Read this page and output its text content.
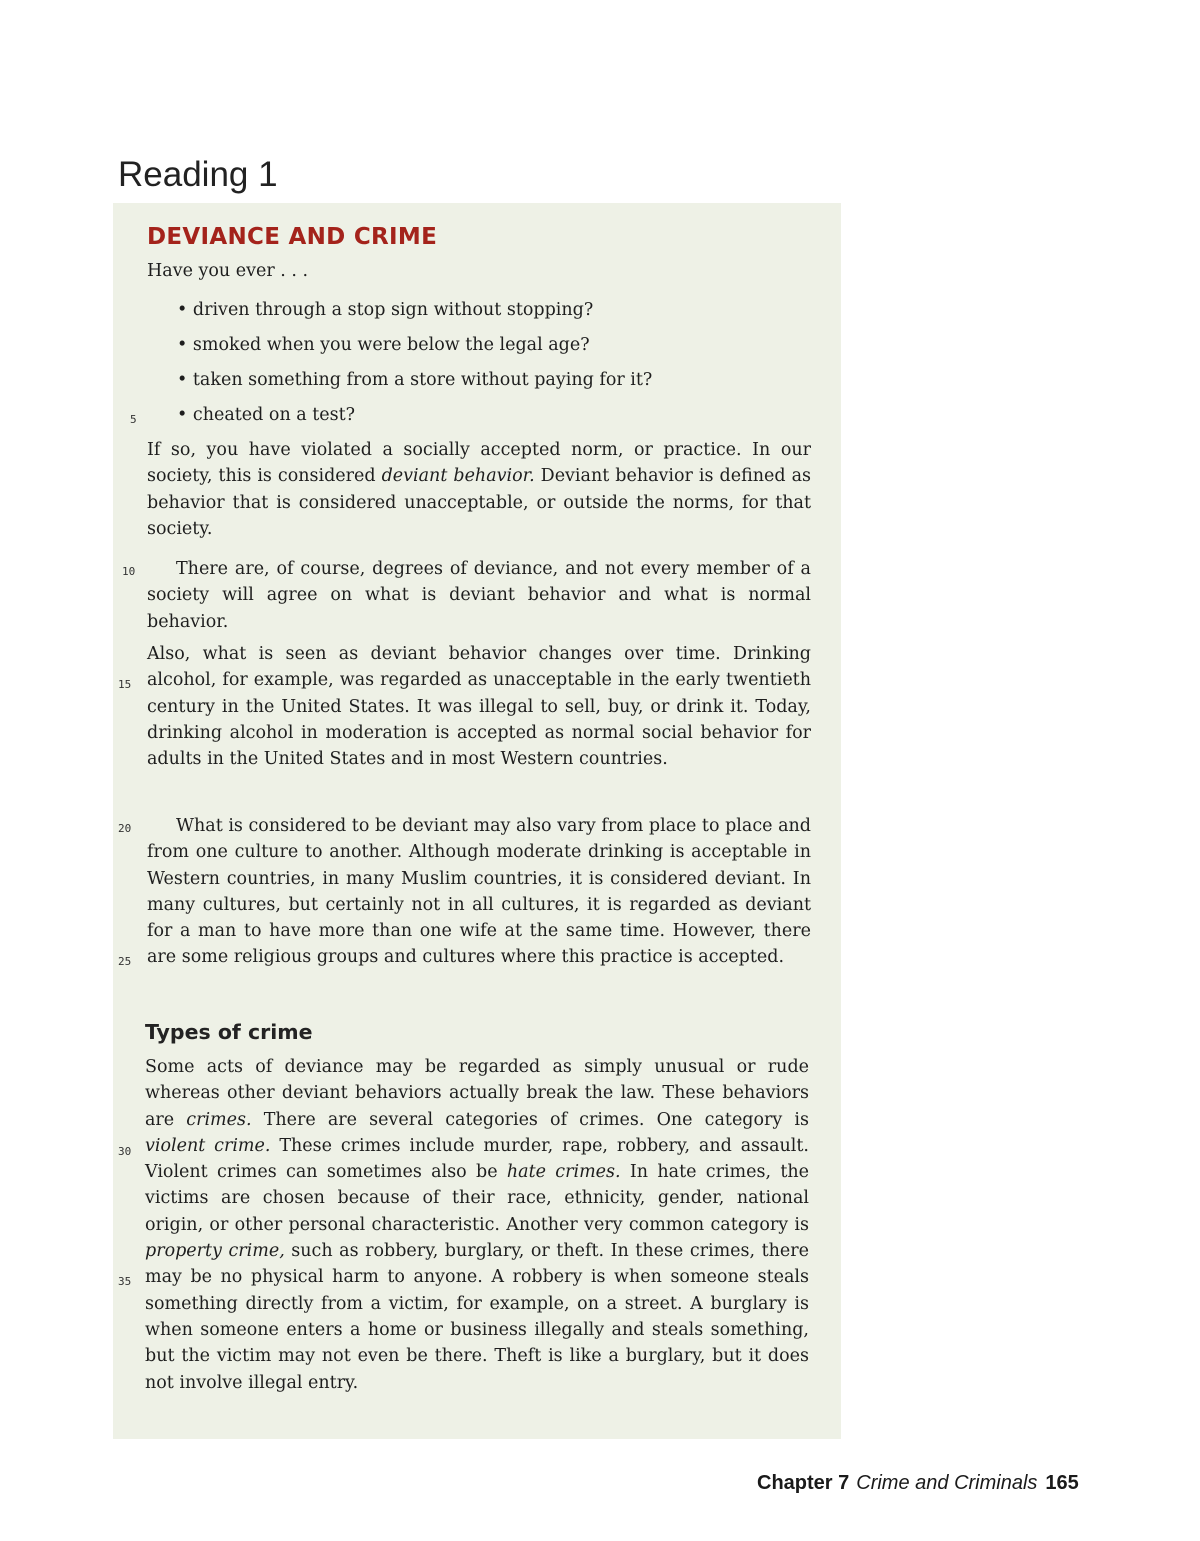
Reading 1
DEVIANCE AND CRIME

Have you ever . . .

• driven through a stop sign without stopping?
• smoked when you were below the legal age?
• taken something from a store without paying for it?
• cheated on a test?

If so, you have violated a socially accepted norm, or practice. In our society, this is considered deviant behavior. Deviant behavior is defined as behavior that is considered unacceptable, or outside the norms, for that society.

There are, of course, degrees of deviance, and not every member of a society will agree on what is deviant behavior and what is normal behavior.

Also, what is seen as deviant behavior changes over time. Drinking alcohol, for example, was regarded as unacceptable in the early twentieth century in the United States. It was illegal to sell, buy, or drink it. Today, drinking alcohol in moderation is accepted as normal social behavior for adults in the United States and in most Western countries.

What is considered to be deviant may also vary from place to place and from one culture to another. Although moderate drinking is acceptable in Western countries, in many Muslim countries, it is considered deviant. In many cultures, but certainly not in all cultures, it is regarded as deviant for a man to have more than one wife at the same time. However, there are some religious groups and cultures where this practice is accepted.

Types of crime

Some acts of deviance may be regarded as simply unusual or rude whereas other deviant behaviors actually break the law. These behaviors are crimes. There are several categories of crimes. One category is violent crime. These crimes include murder, rape, robbery, and assault. Violent crimes can sometimes also be hate crimes. In hate crimes, the victims are chosen because of their race, ethnicity, gender, national origin, or other personal characteristic. Another very common category is property crime, such as robbery, burglary, or theft. In these crimes, there may be no physical harm to anyone. A robbery is when someone steals something directly from a victim, for example, on a street. A burglary is when someone enters a home or business illegally and steals something, but the victim may not even be there. Theft is like a burglary, but it does not involve illegal entry.

5
10
15
20
25
30
35
Chapter 7 Crime and Criminals 165
